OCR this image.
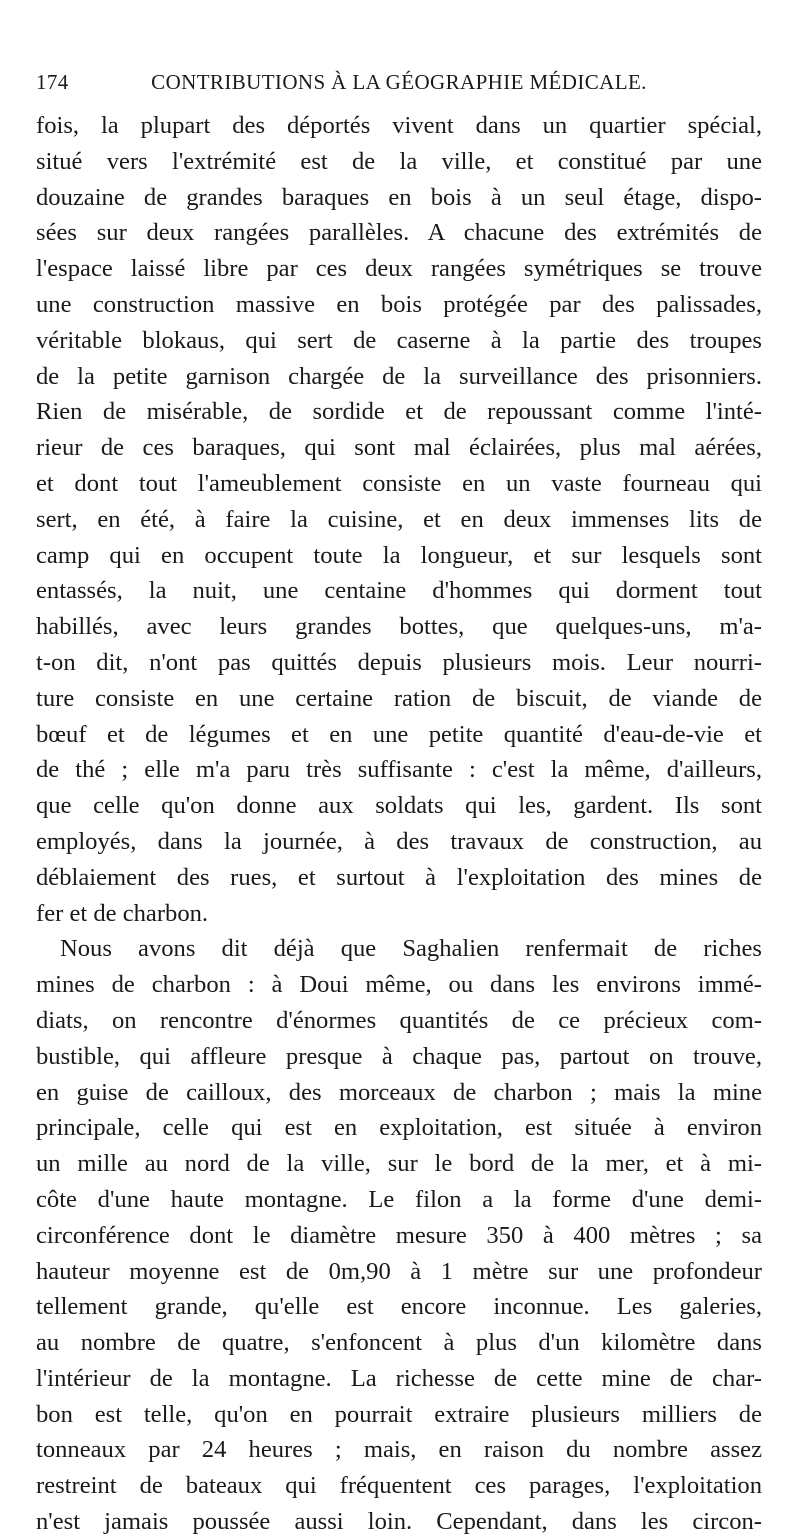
174	CONTRIBUTIONS À LA GÉOGRAPHIE MÉDICALE.
fois, la plupart des déportés vivent dans un quartier spécial,
situé vers l'extrémité est de la ville, et constitué par une
douzaine de grandes baraques en bois à un seul étage, dispo-
sées sur deux rangées parallèles. A chacune des extrémités de
l'espace laissé libre par ces deux rangées symétriques se trouve
une construction massive en bois protégée par des palissades,
véritable blokaus, qui sert de caserne à la partie des troupes
de la petite garnison chargée de la surveillance des prisonniers.
Rien de misérable, de sordide et de repoussant comme l'inté-
rieur de ces baraques, qui sont mal éclairées, plus mal aérées,
et dont tout l'ameublement consiste en un vaste fourneau qui
sert, en été, à faire la cuisine, et en deux immenses lits de
camp qui en occupent toute la longueur, et sur lesquels sont
entassés, la nuit, une centaine d'hommes qui dorment tout
habillés, avec leurs grandes bottes, que quelques-uns, m'a-
t-on dit, n'ont pas quittés depuis plusieurs mois. Leur nourri-
ture consiste en une certaine ration de biscuit, de viande de
bœuf et de légumes et en une petite quantité d'eau-de-vie et
de thé ; elle m'a paru très suffisante : c'est la même, d'ailleurs,
que celle qu'on donne aux soldats qui les, gardent. Ils sont
employés, dans la journée, à des travaux de construction, au
déblaiement des rues, et surtout à l'exploitation des mines de
fer et de charbon.
Nous avons dit déjà que Saghalien renfermait de riches
mines de charbon : à Doui même, ou dans les environs immé-
diats, on rencontre d'énormes quantités de ce précieux com-
bustible, qui affleure presque à chaque pas, partout on trouve,
en guise de cailloux, des morceaux de charbon ; mais la mine
principale, celle qui est en exploitation, est située à environ
un mille au nord de la ville, sur le bord de la mer, et à mi-
côte d'une haute montagne. Le filon a la forme d'une demi-
circonférence dont le diamètre mesure 350 à 400 mètres ; sa
hauteur moyenne est de 0m,90 à 1 mètre sur une profondeur
tellement grande, qu'elle est encore inconnue. Les galeries,
au nombre de quatre, s'enfoncent à plus d'un kilomètre dans
l'intérieur de la montagne. La richesse de cette mine de char-
bon est telle, qu'on en pourrait extraire plusieurs milliers de
tonneaux par 24 heures ; mais, en raison du nombre assez
restreint de bateaux qui fréquentent ces parages, l'exploitation
n'est jamais poussée aussi loin. Cependant, dans les circon-
